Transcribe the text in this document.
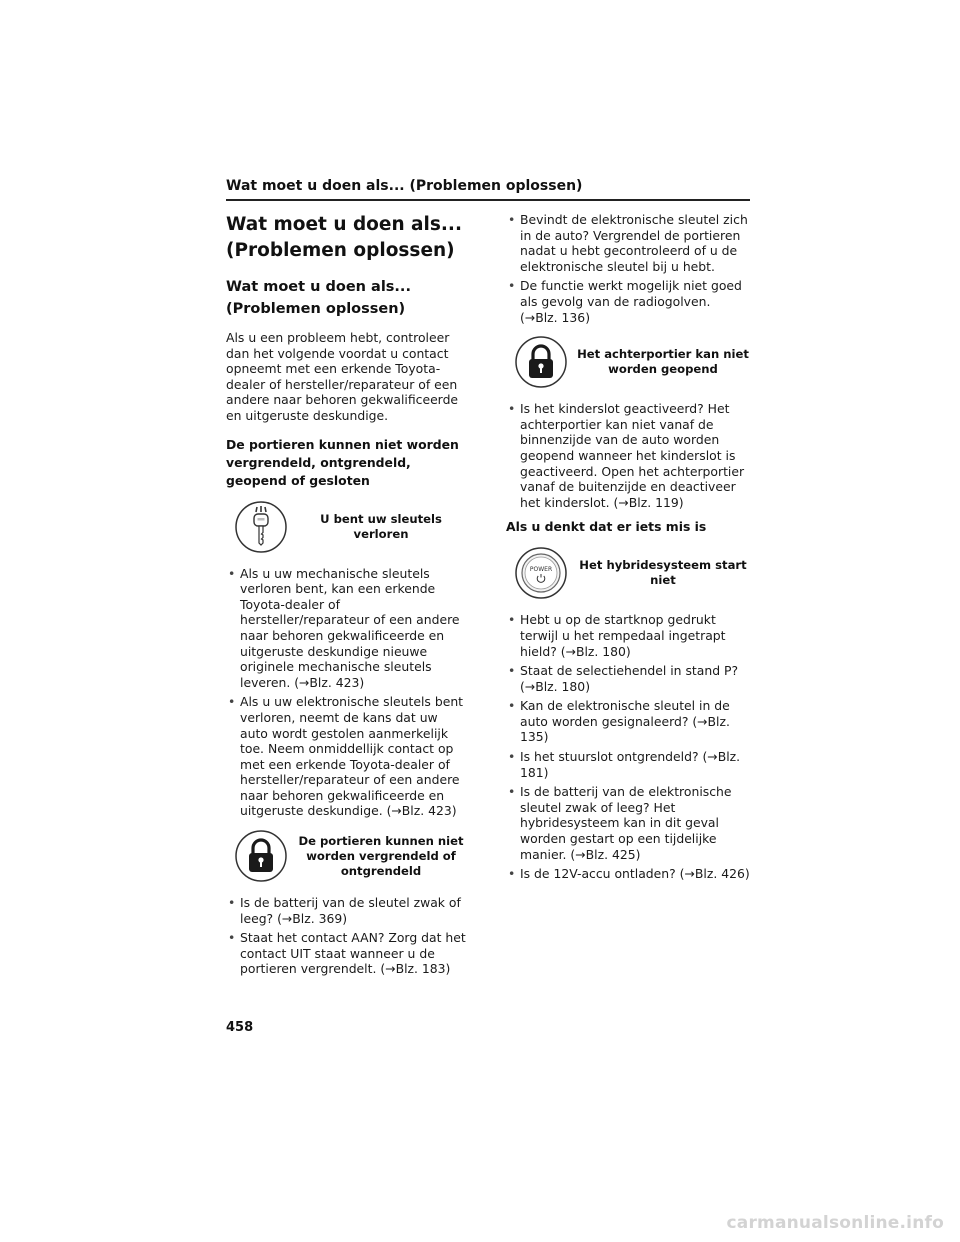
Wat moet u doen als... (Problemen oplossen)
Wat moet u doen als...
(Problemen oplossen)
Wat moet u doen als...
(Problemen oplossen)

Als u een probleem hebt, controleer dan het volgende voordat u contact opneemt met een erkende Toyota-dealer of hersteller/reparateur of een andere naar behoren gekwalificeerde en uitgeruste deskundige.

De portieren kunnen niet worden vergrendeld, ontgrendeld, geopend of gesloten
U bent uw sleutels verloren
• Als u uw mechanische sleutels verloren bent, kan een erkende Toyota-dealer of hersteller/reparateur of een andere naar behoren gekwalificeerde en uitgeruste deskundige nieuwe originele mechanische sleutels leveren. (→Blz. 423)
• Als u uw elektronische sleutels bent verloren, neemt de kans dat uw auto wordt gestolen aanmerkelijk toe. Neem onmiddellijk contact op met een erkende Toyota-dealer of hersteller/reparateur of een andere naar behoren gekwalificeerde en uitgeruste deskundige. (→Blz. 423)
De portieren kunnen niet worden vergrendeld of ontgrendeld
• Is de batterij van de sleutel zwak of leeg? (→Blz. 369)
• Staat het contact AAN? Zorg dat het contact UIT staat wanneer u de portieren vergrendelt. (→Blz. 183)
• Bevindt de elektronische sleutel zich in de auto? Vergrendel de portieren nadat u hebt gecontroleerd of u de elektronische sleutel bij u hebt.
• De functie werkt mogelijk niet goed als gevolg van de radiogolven. (→Blz. 136)
Het achterportier kan niet worden geopend
• Is het kinderslot geactiveerd? Het achterportier kan niet vanaf de binnenzijde van de auto worden geopend wanneer het kinderslot is geactiveerd. Open het achterportier vanaf de buitenzijde en deactiveer het kinderslot. (→Blz. 119)
Als u denkt dat er iets mis is
POWER	Het hybridesysteem start niet
• Hebt u op de startknop gedrukt terwijl u het rempedaal ingetrapt hield? (→Blz. 180)
• Staat de selectiehendel in stand P? (→Blz. 180)
• Kan de elektronische sleutel in de auto worden gesignaleerd? (→Blz. 135)
• Is het stuurslot ontgrendeld? (→Blz. 181)
• Is de batterij van de elektronische sleutel zwak of leeg? Het hybridesysteem kan in dit geval worden gestart op een tijdelijke manier. (→Blz. 425)
• Is de 12V-accu ontladen? (→Blz. 426)
458
carmanualsonline.info
